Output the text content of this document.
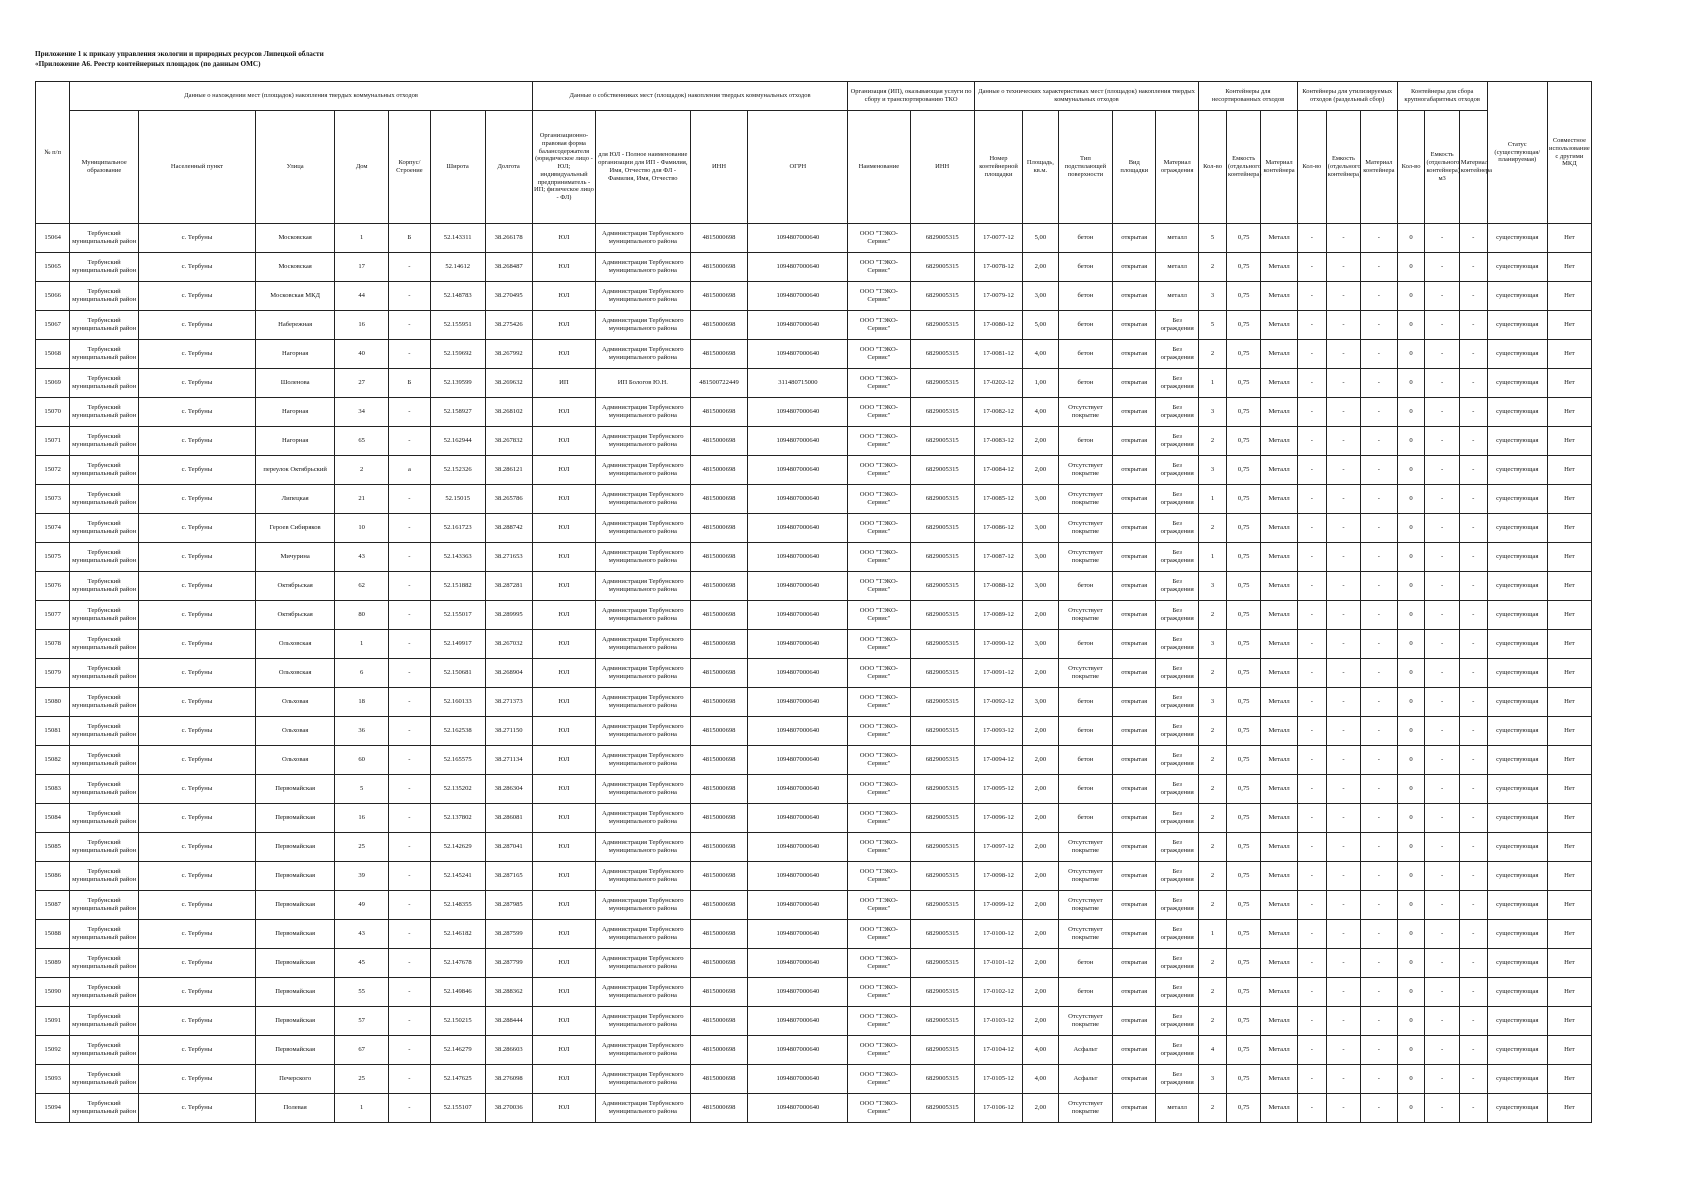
Приложение 1 к приказу управления экологии и природных ресурсов Липецкой области
«Приложение А6. Реестр контейнерных площадок (по данным ОМС)
№ п/п	Данные о нахождении мест (площадок) накопления твердых коммунальных отходов							Данные о собственниках мест (площадок) накопления твердых коммунальных отходов				Организация (ИП), оказывающая услуги по сбору и транспортированию ТКО		Данные о технических характеристиках мест (площадок) накопления твердых коммунальных отходов					Контейнеры для несортированных отходов			Контейнеры для утилизируемых отходов (раздельный сбор)			Контейнеры для сбора крупногабаритных отходов			Статус (существующая/планируемая)	Совместное использование с другими МКД
	Муниципальное образование	Населенный пункт	Улица	Дом	Корпус/Строение	Широта	Долгота	Организационно-правовая форма балансодержателя (юридическое лицо - ЮЛ; индивидуальный предприниматель - ИП; физическое лицо - ФЛ)	для ЮЛ - Полное наименование организации для ИП - Фамилия, Имя, Отчество для ФЛ - Фамилия, Имя, Отчество	ИНН	ОГРН	Наименование	ИНН	Номер контейнерной площадки	Площадь, кв.м.	Тип подстилающей поверхности	Вид площадки	Материал ограждения	Кол-во	Емкость (отдельного контейнера)	Материал контейнера	Кол-во	Емкость (отдельного контейнера)	Материал контейнера	Кол-во	Емкость (отдельного контейнера) м3	Материал контейнера		
15064	Тербунский муниципальный район	с. Тербуны	Московская	1	Б	52.143311	38.266178	ЮЛ	Администрация Тербунского муниципального района	4815000698	1094807000640	ООО "ТЭКО-Сервис"	6829005315	17-0077-12	5,00	бетон	открытая	металл	5	0,75	Металл	-	-	-	0	-	-	существующая	Нет
15065	Тербунский муниципальный район	с. Тербуны	Московская	17	-	52.14612	38.268487	ЮЛ	Администрация Тербунского муниципального района	4815000698	1094807000640	ООО "ТЭКО-Сервис"	6829005315	17-0078-12	2,00	бетон	открытая	металл	2	0,75	Металл	-	-	-	0	-	-	существующая	Нет
15066	Тербунский муниципальный район	с. Тербуны	Московская МКД	44	-	52.148783	38.270495	ЮЛ	Администрация Тербунского муниципального района	4815000698	1094807000640	ООО "ТЭКО-Сервис"	6829005315	17-0079-12	3,00	бетон	открытая	металл	3	0,75	Металл	-	-	-	0	-	-	существующая	Нет
15067	Тербунский муниципальный район	с. Тербуны	Набережная	16	-	52.155951	38.275426	ЮЛ	Администрация Тербунского муниципального района	4815000698	1094807000640	ООО "ТЭКО-Сервис"	6829005315	17-0080-12	5,00	бетон	открытая	Без ограждения	5	0,75	Металл	-	-	-	0	-	-	существующая	Нет
15068	Тербунский муниципальный район	с. Тербуны	Нагорная	40	-	52.159692	38.267992	ЮЛ	Администрация Тербунского муниципального района	4815000698	1094807000640	ООО "ТЭКО-Сервис"	6829005315	17-0081-12	4,00	бетон	открытая	Без ограждения	2	0,75	Металл	-	-	-	0	-	-	существующая	Нет
15069	Тербунский муниципальный район	с. Тербуны	Шоленова	27	Б	52.139599	38.269632	ИП	ИП Бологов Ю.Н.	481500722449	311480715000	ООО "ТЭКО-Сервис"	6829005315	17-0202-12	1,00	бетон	открытая	Без ограждения	1	0,75	Металл	-	-	-	0	-	-	существующая	Нет
15070	Тербунский муниципальный район	с. Тербуны	Нагорная	34	-	52.158927	38.268102	ЮЛ	Администрация Тербунского муниципального района	4815000698	1094807000640	ООО "ТЭКО-Сервис"	6829005315	17-0082-12	4,00	Отсутствует покрытие	открытая	Без ограждения	3	0,75	Металл	-	-	-	0	-	-	существующая	Нет
15071	Тербунский муниципальный район	с. Тербуны	Нагорная	65	-	52.162944	38.267832	ЮЛ	Администрация Тербунского муниципального района	4815000698	1094807000640	ООО "ТЭКО-Сервис"	6829005315	17-0083-12	2,00	бетон	открытая	Без ограждения	2	0,75	Металл	-	-	-	0	-	-	существующая	Нет
15072	Тербунский муниципальный район	с. Тербуны	переулок Октябрьский	2	а	52.152326	38.286121	ЮЛ	Администрация Тербунского муниципального района	4815000698	1094807000640	ООО "ТЭКО-Сервис"	6829005315	17-0084-12	2,00	Отсутствует покрытие	открытая	Без ограждения	3	0,75	Металл	-	-	-	0	-	-	существующая	Нет
15073	Тербунский муниципальный район	с. Тербуны	Липецкая	21	-	52.15015	38.265786	ЮЛ	Администрация Тербунского муниципального района	4815000698	1094807000640	ООО "ТЭКО-Сервис"	6829005315	17-0085-12	3,00	Отсутствует покрытие	открытая	Без ограждения	1	0,75	Металл	-	-	-	0	-	-	существующая	Нет
15074	Тербунский муниципальный район	с. Тербуны	Героев Сибиряков	10	-	52.161723	38.288742	ЮЛ	Администрация Тербунского муниципального района	4815000698	1094807000640	ООО "ТЭКО-Сервис"	6829005315	17-0086-12	3,00	Отсутствует покрытие	открытая	Без ограждения	2	0,75	Металл	-	-	-	0	-	-	существующая	Нет
15075	Тербунский муниципальный район	с. Тербуны	Мичурина	43	-	52.143363	38.271653	ЮЛ	Администрация Тербунского муниципального района	4815000698	1094807000640	ООО "ТЭКО-Сервис"	6829005315	17-0087-12	3,00	Отсутствует покрытие	открытая	Без ограждения	1	0,75	Металл	-	-	-	0	-	-	существующая	Нет
15076	Тербунский муниципальный район	с. Тербуны	Октябрьская	62	-	52.151882	38.287281	ЮЛ	Администрация Тербунского муниципального района	4815000698	1094807000640	ООО "ТЭКО-Сервис"	6829005315	17-0088-12	3,00	бетон	открытая	Без ограждения	3	0,75	Металл	-	-	-	0	-	-	существующая	Нет
15077	Тербунский муниципальный район	с. Тербуны	Октябрьская	80	-	52.155017	38.289995	ЮЛ	Администрация Тербунского муниципального района	4815000698	1094807000640	ООО "ТЭКО-Сервис"	6829005315	17-0089-12	2,00	Отсутствует покрытие	открытая	Без ограждения	2	0,75	Металл	-	-	-	0	-	-	существующая	Нет
15078	Тербунский муниципальный район	с. Тербуны	Ольховская	1	-	52.149917	38.267032	ЮЛ	Администрация Тербунского муниципального района	4815000698	1094807000640	ООО "ТЭКО-Сервис"	6829005315	17-0090-12	3,00	бетон	открытая	Без ограждения	3	0,75	Металл	-	-	-	0	-	-	существующая	Нет
15079	Тербунский муниципальный район	с. Тербуны	Ольховская	6	-	52.150681	38.268904	ЮЛ	Администрация Тербунского муниципального района	4815000698	1094807000640	ООО "ТЭКО-Сервис"	6829005315	17-0091-12	2,00	Отсутствует покрытие	открытая	Без ограждения	2	0,75	Металл	-	-	-	0	-	-	существующая	Нет
15080	Тербунский муниципальный район	с. Тербуны	Ольховая	18	-	52.160133	38.271373	ЮЛ	Администрация Тербунского муниципального района	4815000698	1094807000640	ООО "ТЭКО-Сервис"	6829005315	17-0092-12	3,00	бетон	открытая	Без ограждения	3	0,75	Металл	-	-	-	0	-	-	существующая	Нет
15081	Тербунский муниципальный район	с. Тербуны	Ольховая	36	-	52.162538	38.271150	ЮЛ	Администрация Тербунского муниципального района	4815000698	1094807000640	ООО "ТЭКО-Сервис"	6829005315	17-0093-12	2,00	бетон	открытая	Без ограждения	2	0,75	Металл	-	-	-	0	-	-	существующая	Нет
15082	Тербунский муниципальный район	с. Тербуны	Ольховая	60	-	52.165575	38.271134	ЮЛ	Администрация Тербунского муниципального района	4815000698	1094807000640	ООО "ТЭКО-Сервис"	6829005315	17-0094-12	2,00	бетон	открытая	Без ограждения	2	0,75	Металл	-	-	-	0	-	-	существующая	Нет
15083	Тербунский муниципальный район	с. Тербуны	Первомайская	5	-	52.135202	38.286304	ЮЛ	Администрация Тербунского муниципального района	4815000698	1094807000640	ООО "ТЭКО-Сервис"	6829005315	17-0095-12	2,00	бетон	открытая	Без ограждения	2	0,75	Металл	-	-	-	0	-	-	существующая	Нет
15084	Тербунский муниципальный район	с. Тербуны	Первомайская	16	-	52.137802	38.286081	ЮЛ	Администрация Тербунского муниципального района	4815000698	1094807000640	ООО "ТЭКО-Сервис"	6829005315	17-0096-12	2,00	бетон	открытая	Без ограждения	2	0,75	Металл	-	-	-	0	-	-	существующая	Нет
15085	Тербунский муниципальный район	с. Тербуны	Первомайская	25	-	52.142629	38.287041	ЮЛ	Администрация Тербунского муниципального района	4815000698	1094807000640	ООО "ТЭКО-Сервис"	6829005315	17-0097-12	2,00	Отсутствует покрытие	открытая	Без ограждения	2	0,75	Металл	-	-	-	0	-	-	существующая	Нет
15086	Тербунский муниципальный район	с. Тербуны	Первомайская	39	-	52.145241	38.287165	ЮЛ	Администрация Тербунского муниципального района	4815000698	1094807000640	ООО "ТЭКО-Сервис"	6829005315	17-0098-12	2,00	Отсутствует покрытие	открытая	Без ограждения	2	0,75	Металл	-	-	-	0	-	-	существующая	Нет
15087	Тербунский муниципальный район	с. Тербуны	Первомайская	49	-	52.148355	38.287985	ЮЛ	Администрация Тербунского муниципального района	4815000698	1094807000640	ООО "ТЭКО-Сервис"	6829005315	17-0099-12	2,00	Отсутствует покрытие	открытая	Без ограждения	2	0,75	Металл	-	-	-	0	-	-	существующая	Нет
15088	Тербунский муниципальный район	с. Тербуны	Первомайская	43	-	52.146182	38.287599	ЮЛ	Администрация Тербунского муниципального района	4815000698	1094807000640	ООО "ТЭКО-Сервис"	6829005315	17-0100-12	2,00	Отсутствует покрытие	открытая	Без ограждения	1	0,75	Металл	-	-	-	0	-	-	существующая	Нет
15089	Тербунский муниципальный район	с. Тербуны	Первомайская	45	-	52.147678	38.287799	ЮЛ	Администрация Тербунского муниципального района	4815000698	1094807000640	ООО "ТЭКО-Сервис"	6829005315	17-0101-12	2,00	бетон	открытая	Без ограждения	2	0,75	Металл	-	-	-	0	-	-	существующая	Нет
15090	Тербунский муниципальный район	с. Тербуны	Первомайская	55	-	52.149846	38.288362	ЮЛ	Администрация Тербунского муниципального района	4815000698	1094807000640	ООО "ТЭКО-Сервис"	6829005315	17-0102-12	2,00	бетон	открытая	Без ограждения	2	0,75	Металл	-	-	-	0	-	-	существующая	Нет
15091	Тербунский муниципальный район	с. Тербуны	Первомайская	57	-	52.150215	38.288444	ЮЛ	Администрация Тербунского муниципального района	4815000698	1094807000640	ООО "ТЭКО-Сервис"	6829005315	17-0103-12	2,00	Отсутствует покрытие	открытая	Без ограждения	2	0,75	Металл	-	-	-	0	-	-	существующая	Нет
15092	Тербунский муниципальный район	с. Тербуны	Первомайская	67	-	52.146279	38.286603	ЮЛ	Администрация Тербунского муниципального района	4815000698	1094807000640	ООО "ТЭКО-Сервис"	6829005315	17-0104-12	4,00	Асфальт	открытая	Без ограждения	4	0,75	Металл	-	-	-	0	-	-	существующая	Нет
15093	Тербунский муниципальный район	с. Тербуны	Печерского	25	-	52.147625	38.276098	ЮЛ	Администрация Тербунского муниципального района	4815000698	1094807000640	ООО "ТЭКО-Сервис"	6829005315	17-0105-12	4,00	Асфальт	открытая	Без ограждения	3	0,75	Металл	-	-	-	0	-	-	существующая	Нет
15094	Тербунский муниципальный район	с. Тербуны	Полевая	1	-	52.155107	38.270036	ЮЛ	Администрация Тербунского муниципального района	4815000698	1094807000640	ООО "ТЭКО-Сервис"	6829005315	17-0106-12	2,00	Отсутствует покрытие	открытая	металл	2	0,75	Металл	-	-	-	0	-	-	существующая	Нет
